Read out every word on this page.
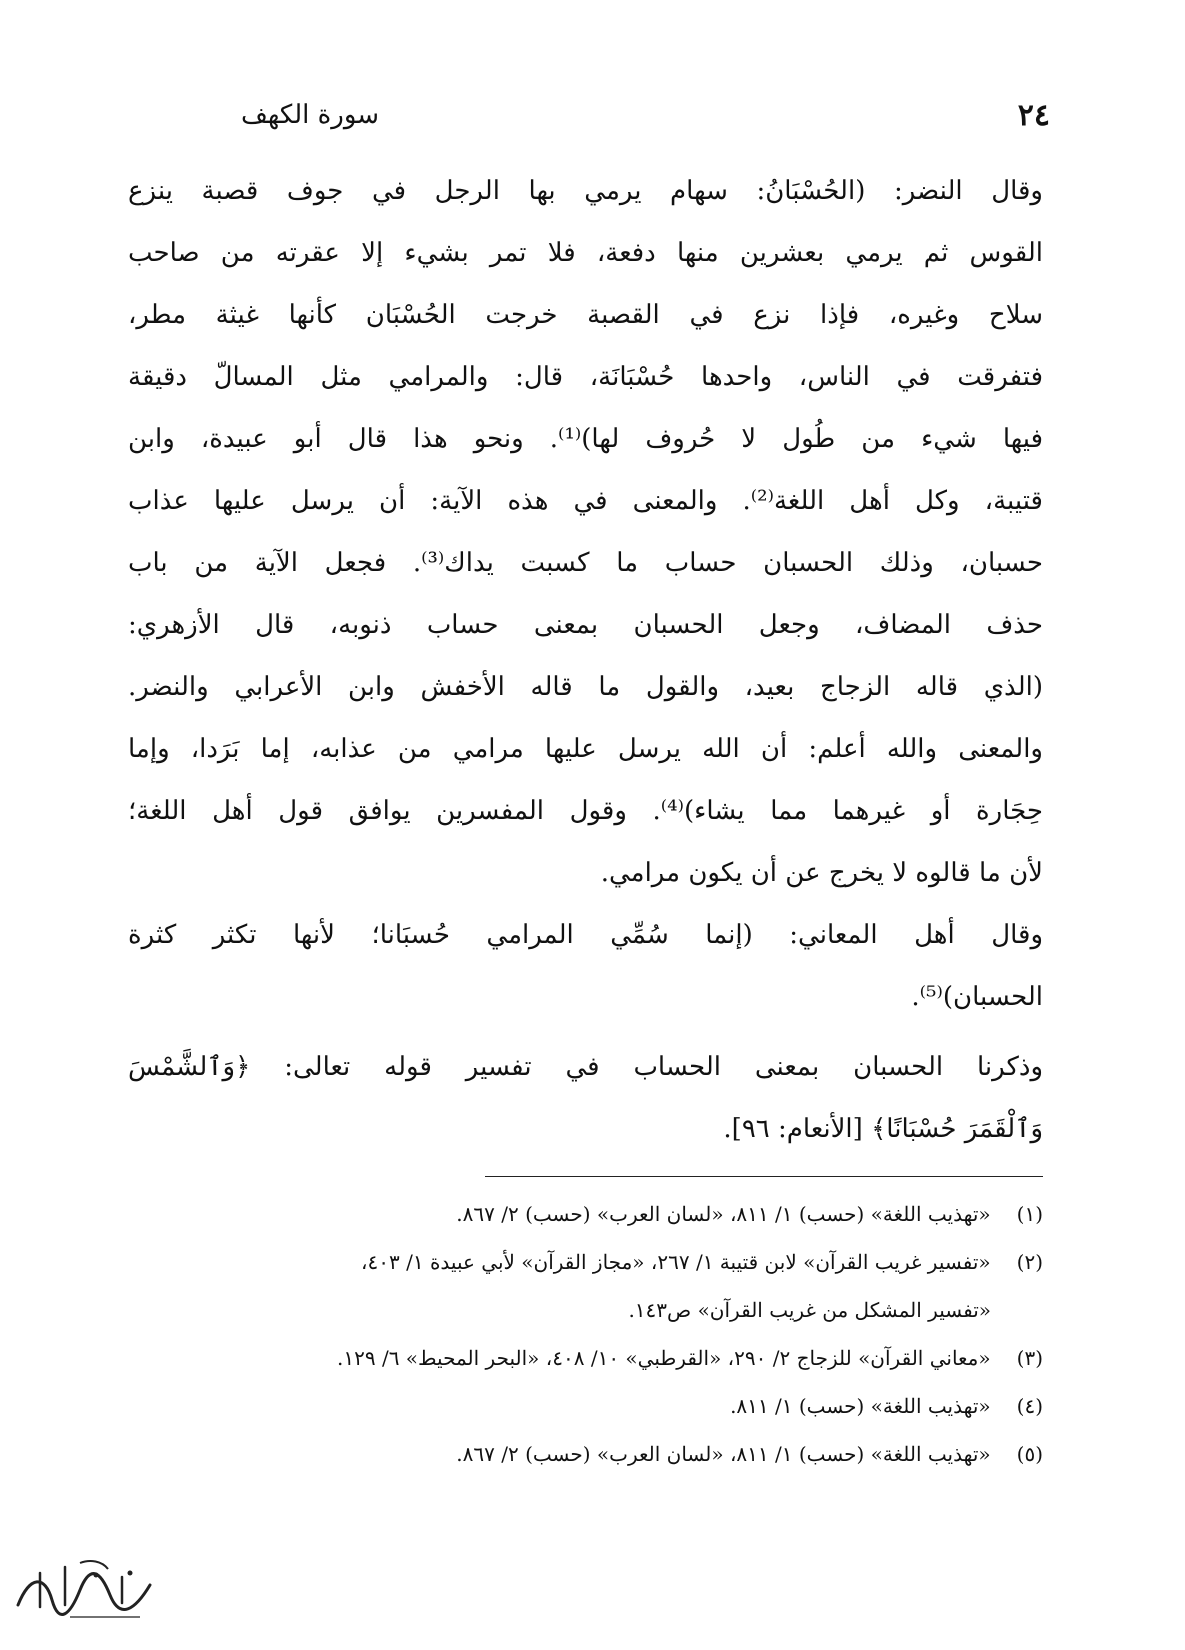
سورة الكهف	٢٤
وقال النضر: (الحُسْبَانُ: سهام يرمي بها الرجل في جوف قصبة ينزع
القوس ثم يرمي بعشرين منها دفعة، فلا تمر بشيء إلا عقرته من صاحب
سلاح وغيره، فإذا نزع في القصبة خرجت الحُسْبَان كأنها غيثة مطر،
فتفرقت في الناس، واحدها حُسْبَانَة، قال: والمرامي مثل المسالّ دقيقة
فيها شيء من طُول لا حُروف لها)⁽¹⁾. ونحو هذا قال أبو عبيدة، وابن
قتيبة، وكل أهل اللغة⁽²⁾. والمعنى في هذه الآية: أن يرسل عليها عذاب
حسبان، وذلك الحسبان حساب ما كسبت يداك⁽³⁾. فجعل الآية من باب
حذف المضاف، وجعل الحسبان بمعنى حساب ذنوبه، قال الأزهري:
(الذي قاله الزجاج بعيد، والقول ما قاله الأخفش وابن الأعرابي والنضر.
والمعنى والله أعلم: أن الله يرسل عليها مرامي من عذابه، إما بَرَدا، وإما
حِجَارة أو غيرهما مما يشاء)⁽⁴⁾. وقول المفسرين يوافق قول أهل اللغة؛
لأن ما قالوه لا يخرج عن أن يكون مرامي.
وقال أهل المعاني: (إنما سُمِّي المرامي حُسبَانا؛ لأنها تكثر كثرة
الحسبان)⁽⁵⁾.
وذكرنا الحسبان بمعنى الحساب في تفسير قوله تعالى: ﴿وَٱلشَّمْسَ
وَٱلْقَمَرَ حُسْبَانًا﴾ [الأنعام: ٩٦].
(١) «تهذيب اللغة» (حسب) ١/ ٨١١، «لسان العرب» (حسب) ٢/ ٨٦٧.
(٢) «تفسير غريب القرآن» لابن قتيبة ١/ ٢٦٧، «مجاز القرآن» لأبي عبيدة ١/ ٤٠٣،
«تفسير المشكل من غريب القرآن» ص١٤٣.
(٣) «معاني القرآن» للزجاج ٢/ ٢٩٠، «القرطبي» ١٠/ ٤٠٨، «البحر المحيط» ٦/ ١٢٩.
(٤) «تهذيب اللغة» (حسب) ١/ ٨١١.
(٥) «تهذيب اللغة» (حسب) ١/ ٨١١، «لسان العرب» (حسب) ٢/ ٨٦٧.
